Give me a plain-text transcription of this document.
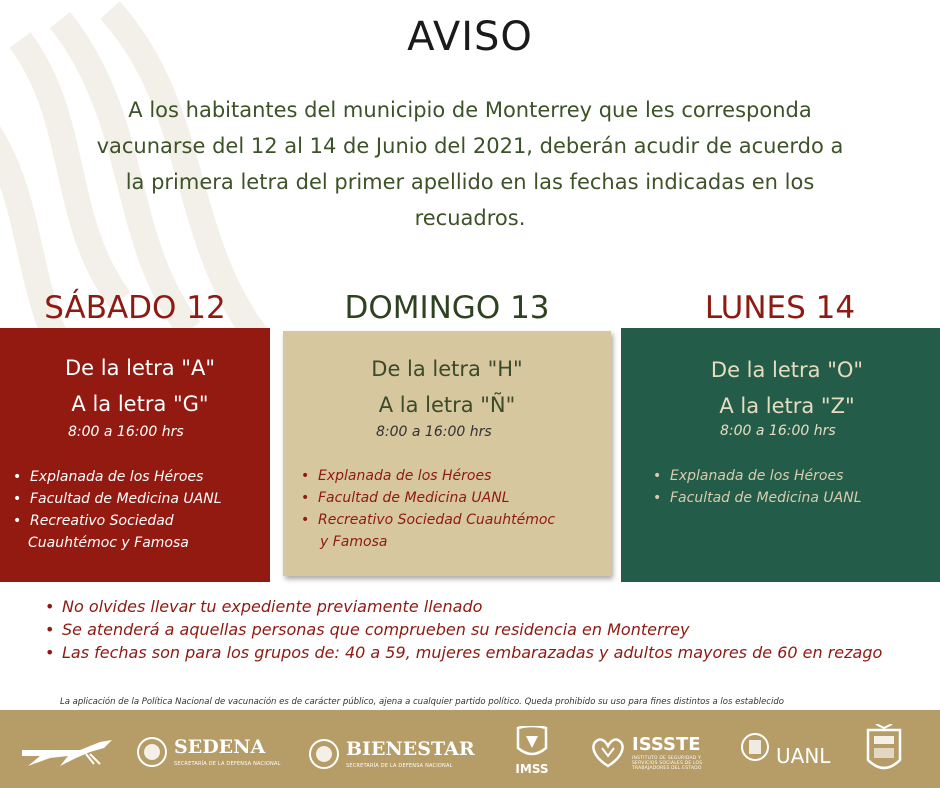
AVISO
A los habitantes del municipio de Monterrey que les corresponda vacunarse del 12 al 14 de Junio del 2021, deberán acudir de acuerdo a la primera letra del primer apellido en las fechas indicadas en los recuadros.
SÁBADO 12	DOMINGO 13	LUNES 14
De la letra "A"
A la letra "G"
8:00 a 16:00 hrs
• Explanada de los Héroes
• Facultad de Medicina UANL
• Recreativo Sociedad
Cuauhtémoc y Famosa
De la letra "H"
A la letra "Ñ"
8:00 a 16:00 hrs
• Explanada de los Héroes
• Facultad de Medicina UANL
• Recreativo Sociedad Cuauhtémoc
y Famosa
De la letra "O"
A la letra "Z"
8:00 a 16:00 hrs
• Explanada de los Héroes
• Facultad de Medicina UANL
• No olvides llevar tu expediente previamente llenado
• Se atenderá a aquellas personas que comprueben su residencia en Monterrey
• Las fechas son para los grupos de: 40 a 59, mujeres embarazadas y adultos mayores de 60 en rezago
La aplicación de la Política Nacional de vacunación es de carácter público, ajena a cualquier partido político. Queda prohibido su uso para fines distintos a los establecido
SEDENA
SECRETARÍA DE LA DEFENSA NACIONAL
BIENESTAR
SECRETARÍA DE LA DEFENSA NACIONAL	IMSS
ISSSTE
INSTITUTO DE SEGURIDAD Y SERVICIOS SOCIALES DE LOS TRABAJADORES DEL ESTADO
UANL
